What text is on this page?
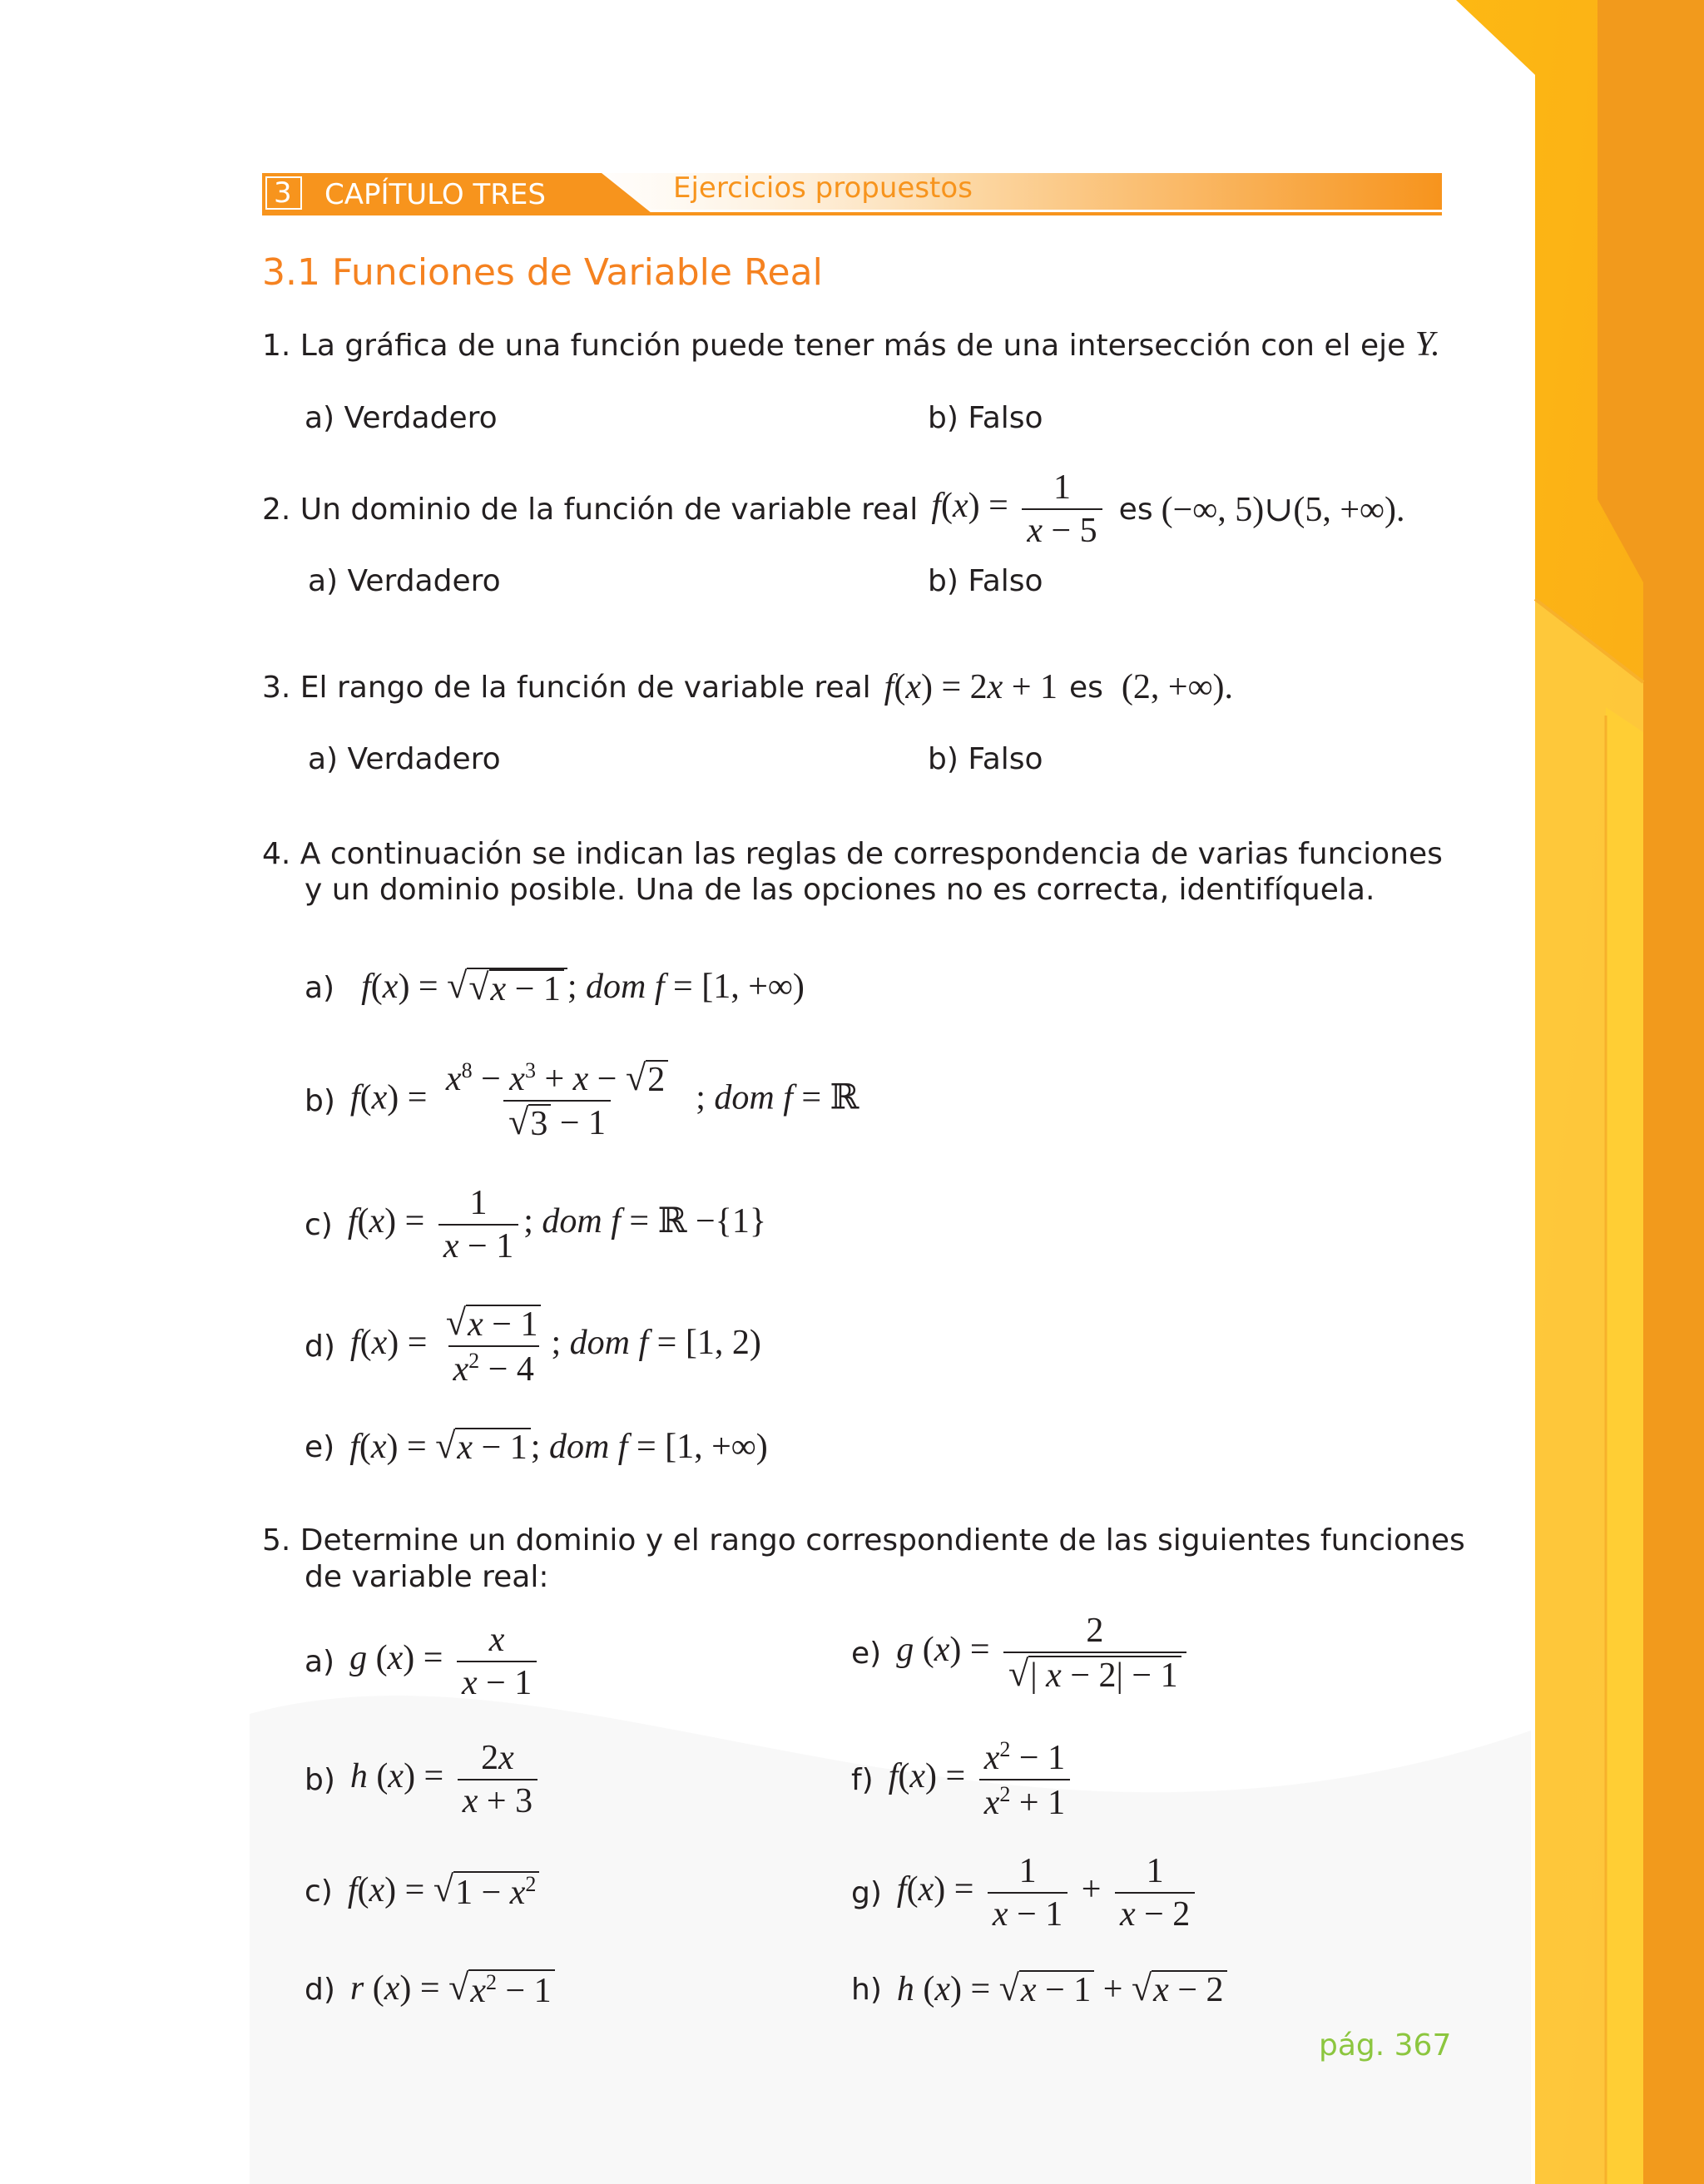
3 CAPÍTULO TRES	Ejercicios propuestos
3.1 Funciones de Variable Real
1. La gráfica de una función puede tener más de una intersección con el eje Y.
a) Verdadero	b) Falso
2. Un dominio de la función de variable real $f(x) = \frac{1}{x - 5}$ es (−∞, 5)∪(5, +∞).
a) Verdadero	b) Falso
3. El rango de la función de variable real f(x) = 2x + 1 es (2, +∞).
a) Verdadero	b) Falso
4. A continuación se indican las reglas de correspondencia de varias funciones
y un dominio posible. Una de las opciones no es correcta, identifíquela.
a) f(x) = √ √ x − 1 ; dom f = [1, +∞)
b) $f(x) = \frac{x^8 - x^3 + x - √ 2}{√ 3 - 1}$ ; dom f = ℝ
c) $f(x) = \frac{1}{x - 1}$ ; dom f = ℝ −{1}
d) $f(x) = \frac{√ x - 1}{x^2 - 4}$ ; dom f = [1, 2)
e) f(x) = √ x − 1 ; dom f = [1, +∞)
5. Determine un dominio y el rango correspondiente de las siguientes funciones
de variable real:
a) g $(x) = \frac{x}{x - 1}$
b) h $(x) = \frac{2x}{x + 3}$
c) f(x) = √ $1 - x^2$
d) r (x) = √ $x^2 - 1$
e) g $(x) = \frac{2}{√ | x - 2| - 1}$
f) $f(x) = \frac{x^2 - 1}{x^2 + 1}$
g) $f(x) = \frac{1}{x - 1} + \frac{1}{x - 2}$
h) h (x) = √ x − 1 + √ x − 2
pág. 367
